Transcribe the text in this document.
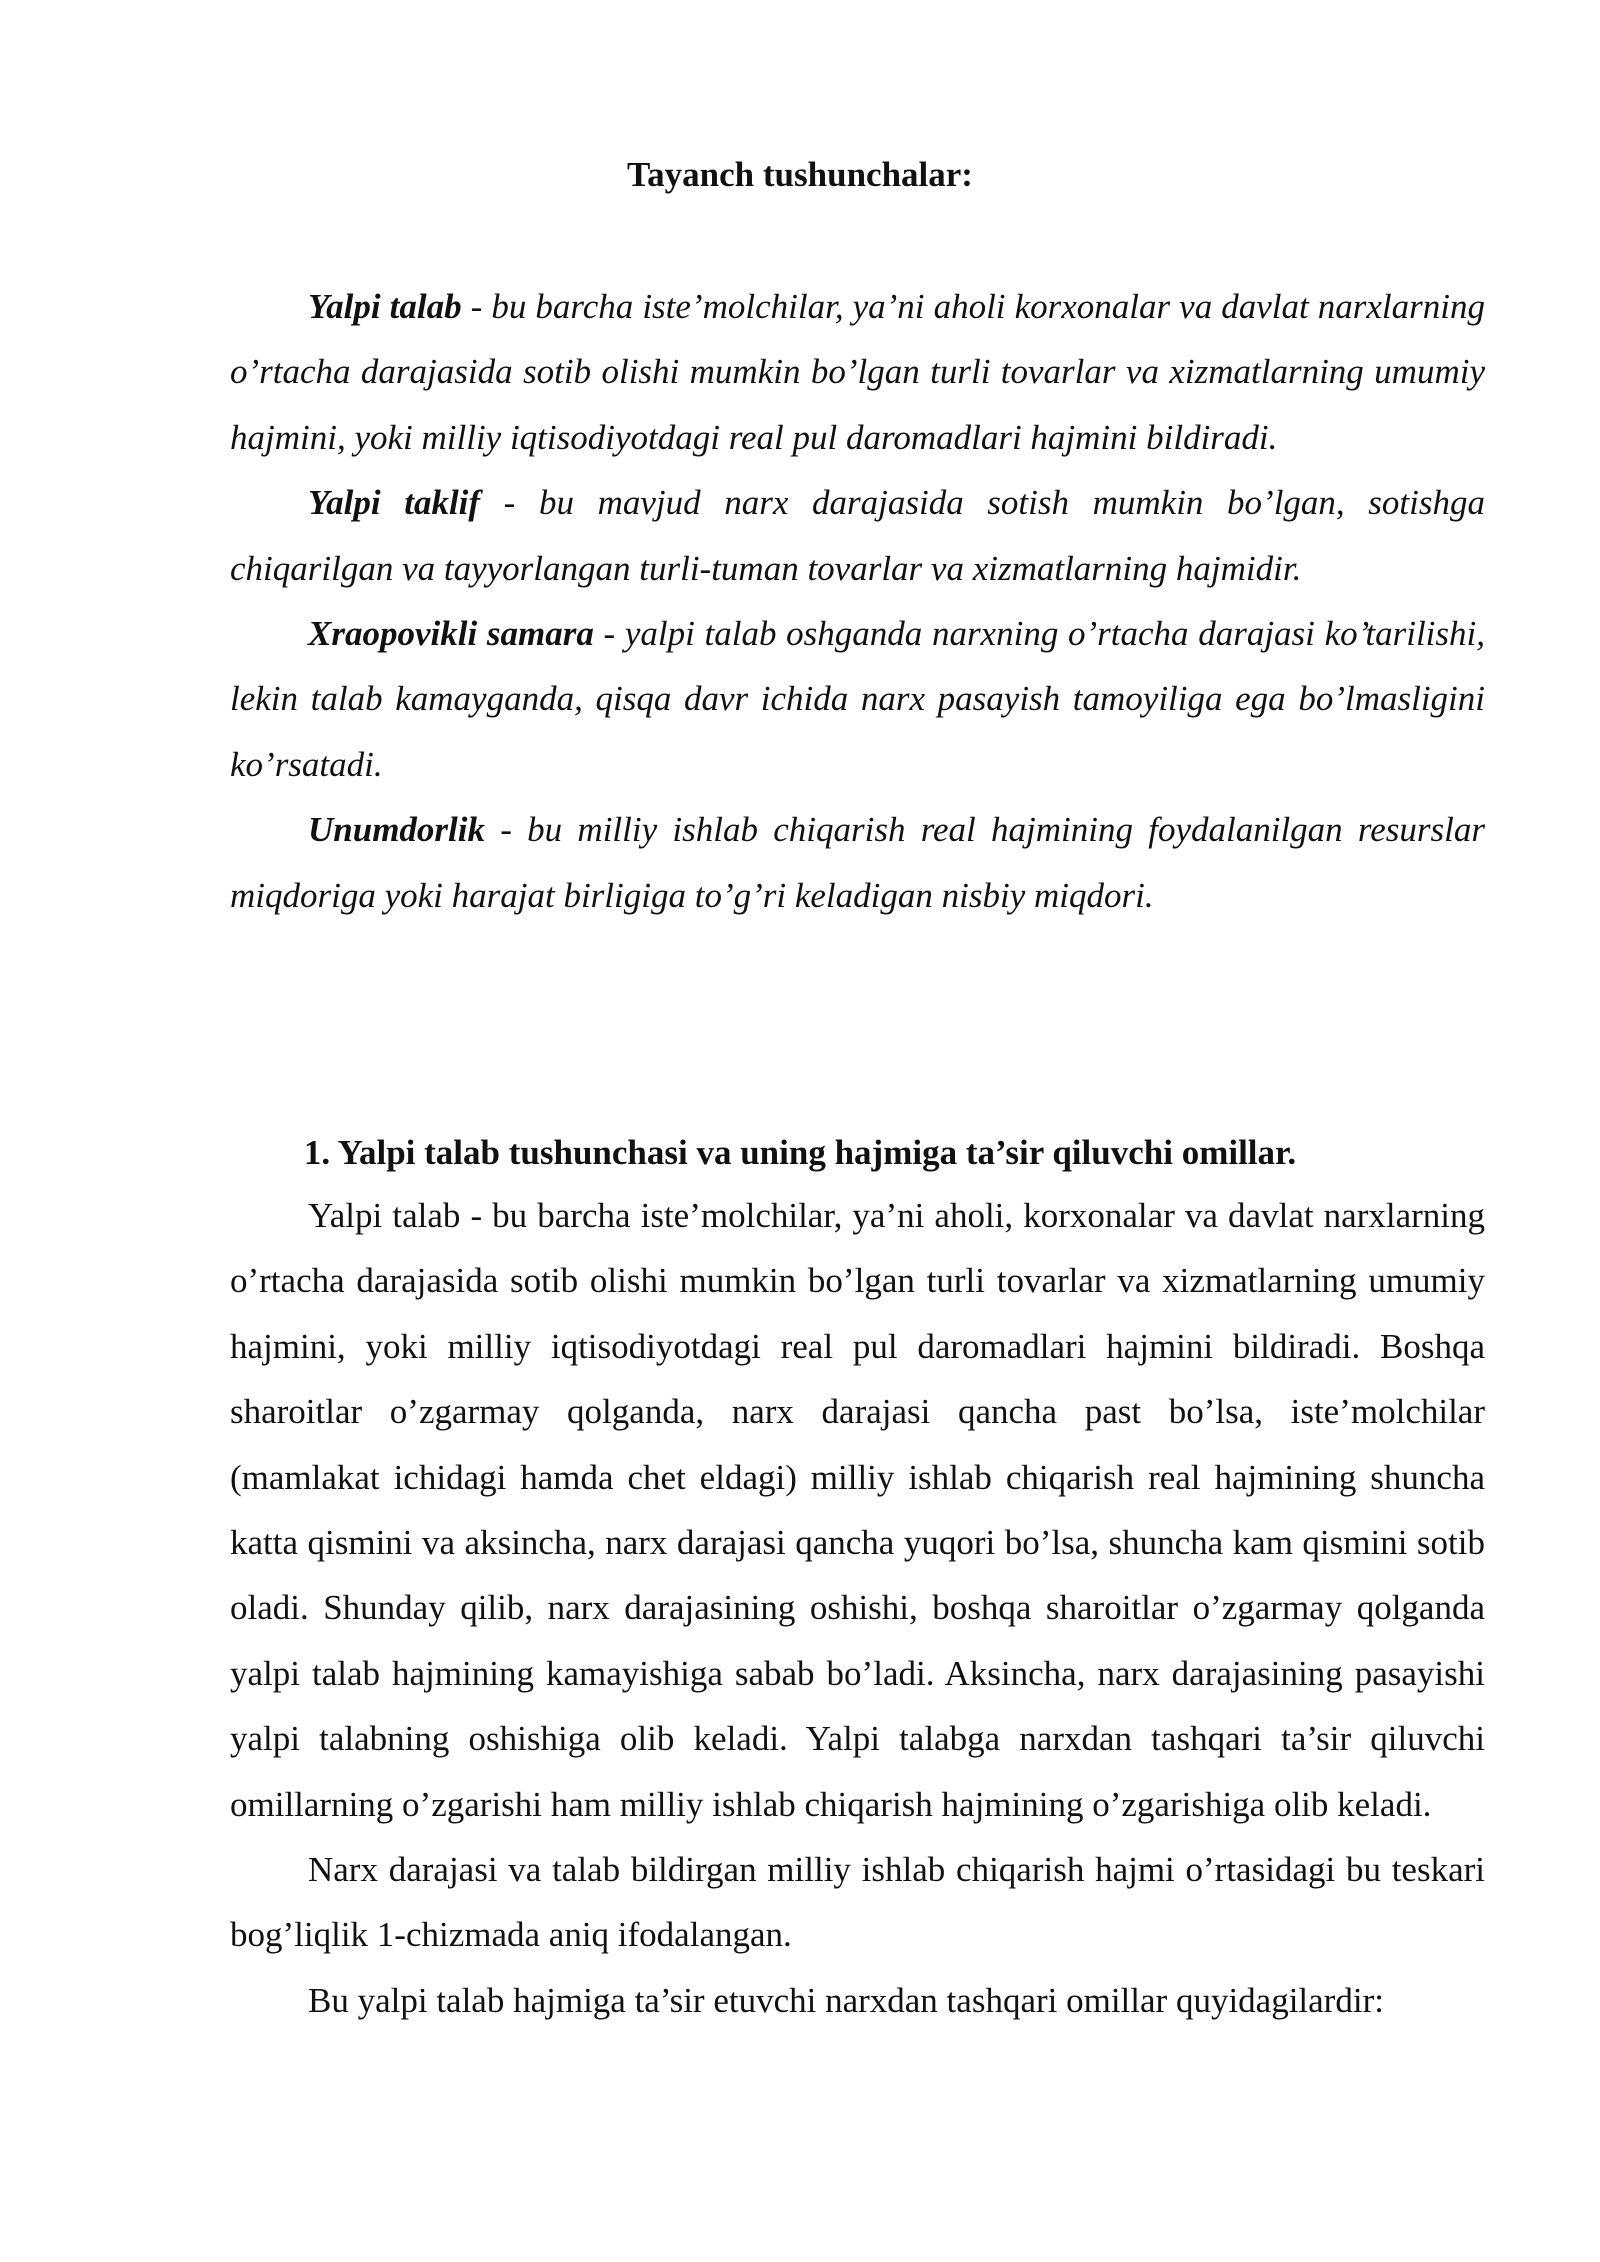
Tayanch tushunchalar:

Yalpi talab - bu barcha iste’molchilar, ya’ni aholi korxonalar va davlat narxlarning o’rtacha darajasida sotib olishi mumkin bo’lgan turli tovarlar va xizmatlarning umumiy hajmini, yoki milliy iqtisodiyotdagi real pul daromadlari hajmini bildiradi.

Yalpi taklif - bu mavjud narx darajasida sotish mumkin bo’lgan, sotishga chiqarilgan va tayyorlangan turli-tuman tovarlar va xizmatlarning hajmidir.

Xraopovikli samara - yalpi talab oshganda narxning o’rtacha darajasi ko’tarilishi, lekin talab kamayganda, qisqa davr ichida narx pasayish tamoyiliga ega bo’lmasligini ko’rsatadi.

Unumdorlik - bu milliy ishlab chiqarish real hajmining foydalanilgan resurslar miqdoriga yoki harajat birligiga to’g’ri keladigan nisbiy miqdori.

1. Yalpi talab tushunchasi va uning hajmiga ta’sir qiluvchi omillar.

Yalpi talab - bu barcha iste’molchilar, ya’ni aholi, korxonalar va davlat narxlarning o’rtacha darajasida sotib olishi mumkin bo’lgan turli tovarlar va xizmatlarning umumiy hajmini, yoki milliy iqtisodiyotdagi real pul daromadlari hajmini bildiradi. Boshqa sharoitlar o’zgarmay qolganda, narx darajasi qancha past bo’lsa, iste’molchilar (mamlakat ichidagi hamda chet eldagi) milliy ishlab chiqarish real hajmining shuncha katta qismini va aksincha, narx darajasi qancha yuqori bo’lsa, shuncha kam qismini sotib oladi. Shunday qilib, narx darajasining oshishi, boshqa sharoitlar o’zgarmay qolganda yalpi talab hajmining kamayishiga sabab bo’ladi. Aksincha, narx darajasining pasayishi yalpi talabning oshishiga olib keladi. Yalpi talabga narxdan tashqari ta’sir qiluvchi omillarning o’zgarishi ham milliy ishlab chiqarish hajmining o’zgarishiga olib keladi.

Narx darajasi va talab bildirgan milliy ishlab chiqarish hajmi o’rtasidagi bu teskari bog’liqlik 1-chizmada aniq ifodalangan.

Bu yalpi talab hajmiga ta’sir etuvchi narxdan tashqari omillar quyidagilardir:
